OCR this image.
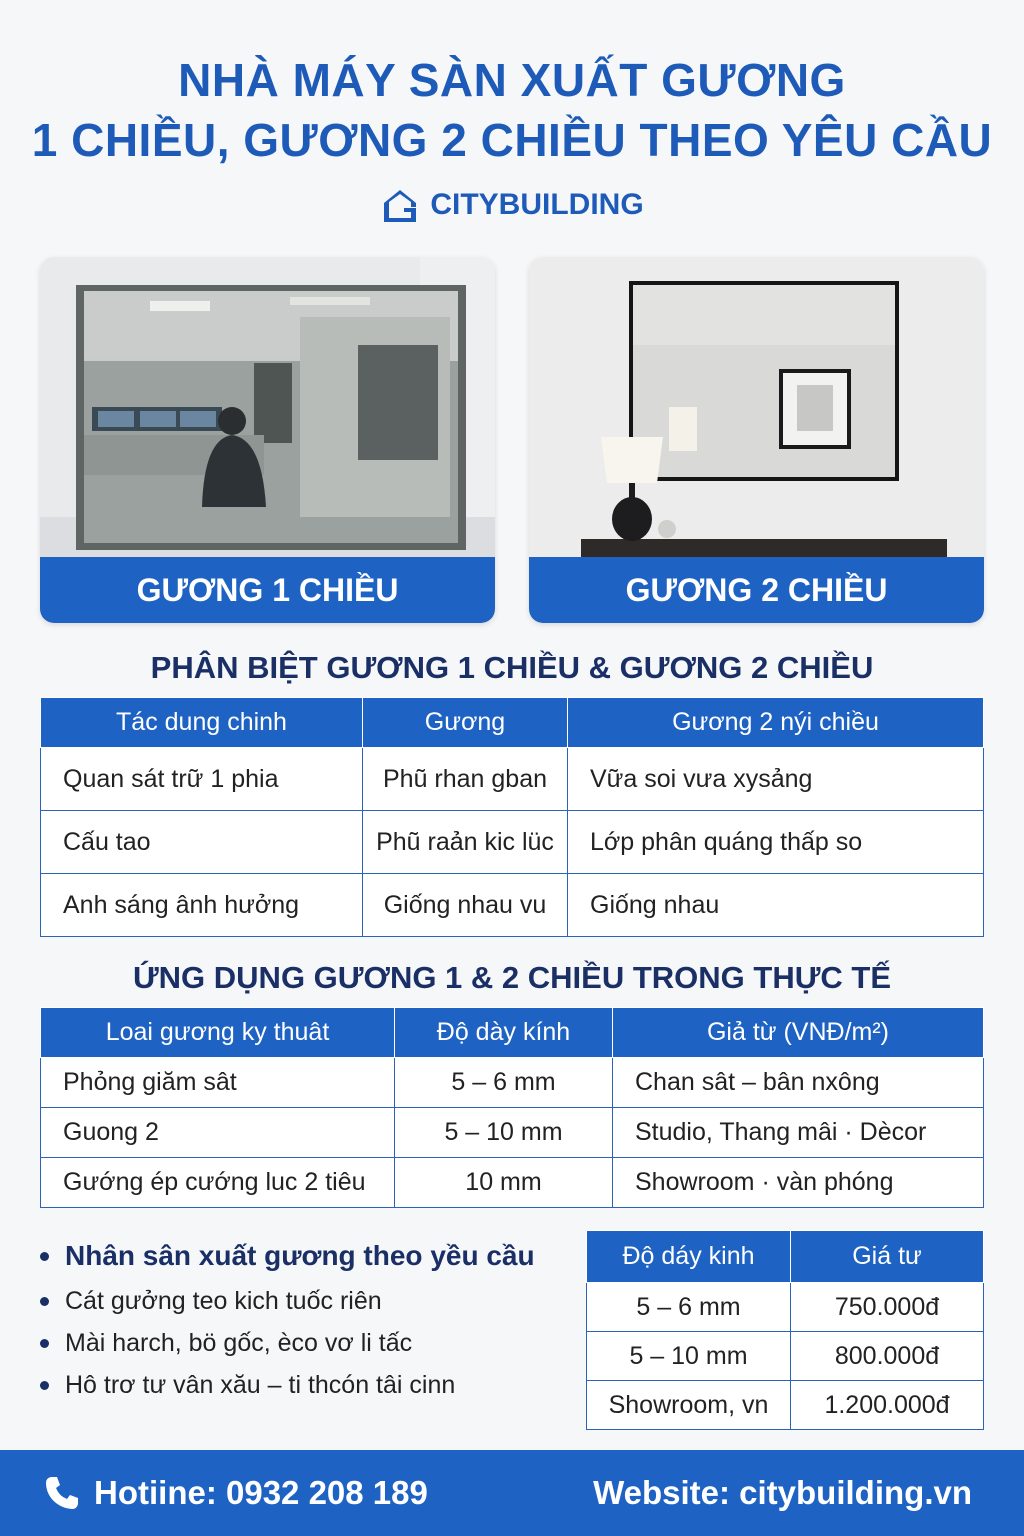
NHÀ MÁY SÀN XUẤT GƯƠNG
1 CHIỀU, GƯƠNG 2 CHIỀU THEO YÊU CẦU
CITYBUILDING
GƯƠNG 1 CHIỀU	GƯƠNG 2 CHIỀU
PHÂN BIỆT GƯƠNG 1 CHIỀU & GƯƠNG 2 CHIỀU
Tác dung chinh	Gương	Gương 2 nýi chiều
Quan sát trữ 1 phia	Phũ rhan gban	Vữa soi vưa xysảng
Cấu tao	Phũ raản kic lüc	Lớp phân quáng thấp so
Anh sáng ânh hưởng	Giống nhau vu	Giống nhau
ỨNG DỤNG GƯƠNG 1 & 2 CHIỀU TRONG THỰC TẾ
Loai gương ky thuât	Độ dày kính	Giả từ (VNĐ/m²)
Phỏng giăm sât	5 – 6 mm	Chan sât – bân nxông
Guong 2	5 – 10 mm	Studio, Thang mâi · Dècor
Gướng ép cướng luc 2 tiêu	10 mm	Showroom · vàn phóng
Nhân sân xuất gương theo yều cầu
Cát gưởng teo kich tuốc riên
Mài harch, bö gốc, èco vơ li tấc
Hô trơ tư vân xău – ti thcón tâi cinn
Độ dáy kinh	Giá tư
5 – 6 mm	750.000đ
5 – 10 mm	800.000đ
Showroom, vn	1.200.000đ
Hotiine: 0932 208 189	Website: citybuilding.vn
